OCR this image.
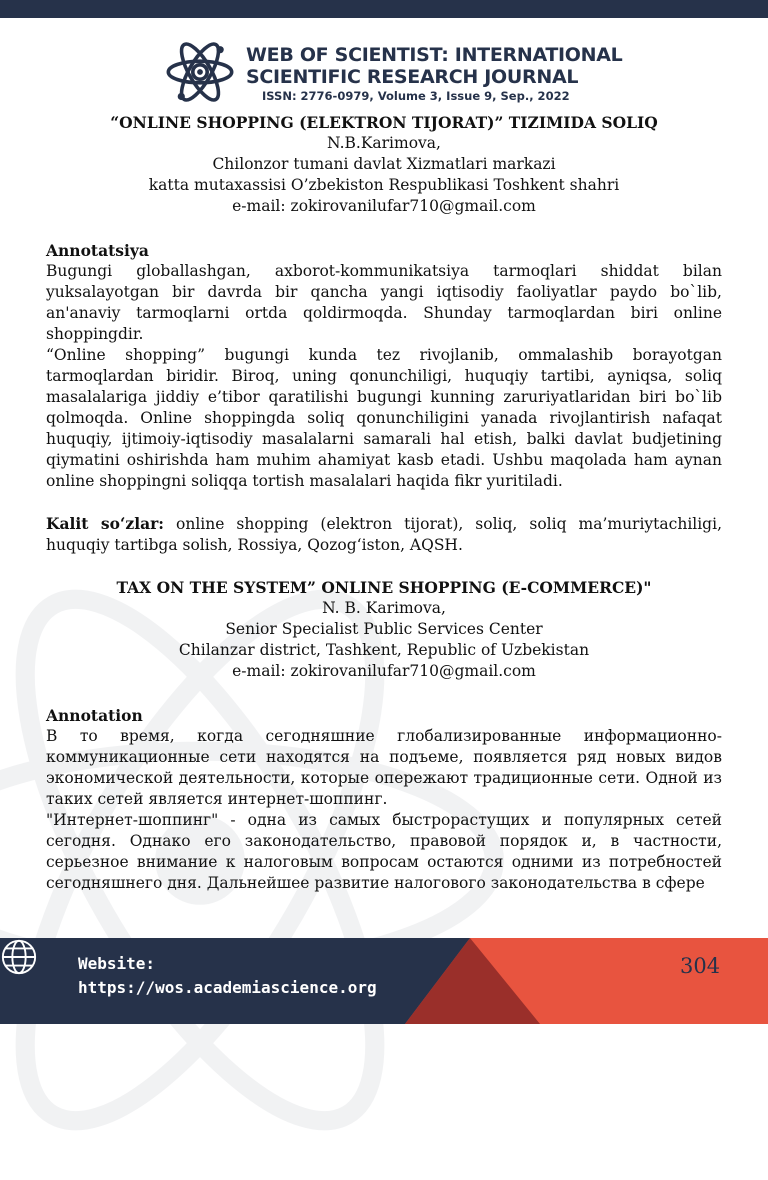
WEB OF SCIENTIST: INTERNATIONAL
SCIENTIFIC RESEARCH JOURNAL
ISSN: 2776-0979, Volume 3, Issue 9, Sep., 2022
“ONLINE SHOPPING (ELEKTRON TIJORAT)” TIZIMIDA SOLIQ
N.B.Karimova,
Chilonzor tumani davlat Xizmatlari markazi
katta mutaxassisi O’zbekiston Respublikasi Toshkent shahri
e-mail: zokirovanilufar710@gmail.com
Annotatsiya
Bugungi globallashgan, axborot-kommunikatsiya tarmoqlari shiddat bilan yuksalayotgan bir davrda bir qancha yangi iqtisodiy faoliyatlar paydo bo`lib, an'anaviy tarmoqlarni ortda qoldirmoqda. Shunday tarmoqlardan biri online shoppingdir.
“Online shopping” bugungi kunda tez rivojlanib, ommalashib borayotgan tarmoqlardan biridir. Biroq, uning qonunchiligi, huquqiy tartibi, ayniqsa, soliq masalalariga jiddiy e’tibor qaratilishi bugungi kunning zaruriyatlaridan biri bo`lib qolmoqda. Online shoppingda soliq qonunchiligini yanada rivojlantirish nafaqat huquqiy, ijtimoiy-iqtisodiy masalalarni samarali hal etish, balki davlat budjetining qiymatini oshirishda ham muhim ahamiyat kasb etadi. Ushbu maqolada ham aynan online shoppingni soliqqa tortish masalalari haqida fikr yuritiladi.
Kalit so‘zlar: online shopping (elektron tijorat), soliq, soliq ma’muriytachiligi, huquqiy tartibga solish, Rossiya, Qozog‘iston, AQSH.
TAX ON THE SYSTEM” ONLINE SHOPPING (E-COMMERCE)"
N. B. Karimova,
Senior Specialist Public Services Center
Chilanzar district, Tashkent, Republic of Uzbekistan
e-mail: zokirovanilufar710@gmail.com
Annotation
В то время, когда сегодняшние глобализированные информационно-коммуникационные сети находятся на подъеме, появляется ряд новых видов экономической деятельности, которые опережают традиционные сети. Одной из таких сетей является интернет-шоппинг.
"Интернет-шоппинг" - одна из самых быстрорастущих и популярных сетей сегодня. Однако его законодательство, правовой порядок и, в частности, серьезное внимание к налоговым вопросам остаются одними из потребностей сегодняшнего дня. Дальнейшее развитие налогового законодательства в сфере
Website:
https://wos.academiascience.org
304
